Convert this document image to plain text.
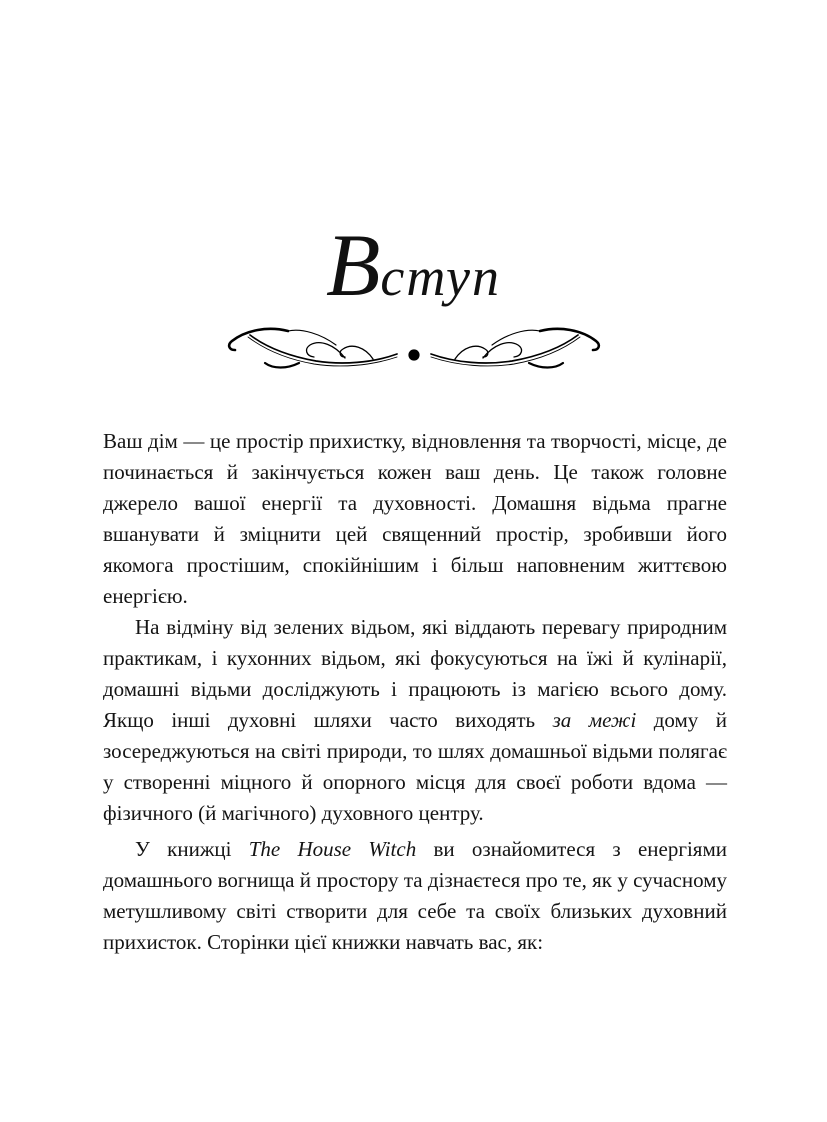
Вступ

Ваш дім — це простір прихистку, відновлення та творчості, місце, де починається й закінчується кожен ваш день. Це також головне джерело вашої енергії та духовності. Домашня відьма прагне вшанувати й зміцнити цей священний простір, зробивши його якомога простішим, спокійнішим і більш наповненим життєвою енергією.

На відміну від зелених відьом, які віддають перевагу природним практикам, і кухонних відьом, які фокусуються на їжі й кулінарії, домашні відьми досліджують і працюють із магією всього дому. Якщо інші духовні шляхи часто виходять за межі дому й зосереджуються на світі природи, то шлях домашньої відьми полягає у створенні міцного й опорного місця для своєї роботи вдома — фізичного (й магічного) духовного центру.

У книжці The House Witch ви ознайомитеся з енергіями домашнього вогнища й простору та дізнаєтеся про те, як у сучасному метушливому світі створити для себе та своїх близьких духовний прихисток. Сторінки цієї книжки навчать вас, як:
